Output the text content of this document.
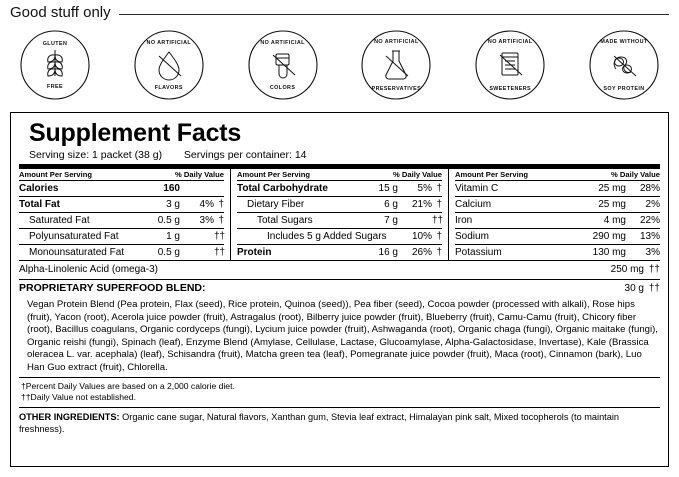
Good stuff only
GLUTEN
FREE
NO ARTIFICIAL
FLAVORS
NO ARTIFICIAL
COLORS
NO ARTIFICIAL
PRESERVATIVES
NO ARTIFICIAL
SWEETENERS
MADE WITHOUT
SOY PROTEIN
Supplement Facts
Serving size: 1 packet (38 g) Servings per container: 14
Amount Per Serving	% Daily Value
Calories	160
Total Fat	3 g	4% †
Saturated Fat	0.5 g	3% †
Polyunsaturated Fat	1 g	††
Monounsaturated Fat	0.5 g	††
Amount Per Serving	% Daily Value
Total Carbohydrate	15 g	5% †
Dietary Fiber	6 g	21% †
Total Sugars	7 g	††
Includes 5 g Added Sugars	10% †
Protein	16 g	26% †
Amount Per Serving	% Daily Value
Vitamin C	25 mg	28%
Calcium	25 mg	2%
Iron	4 mg	22%
Sodium	290 mg	13%
Potassium	130 mg	3%
Alpha-Linolenic Acid (omega-3)	250 mg ††
PROPRIETARY SUPERFOOD BLEND:	30 g ††
Vegan Protein Blend (Pea protein, Flax (seed), Rice protein, Quinoa (seed)), Pea fiber (seed), Cocoa powder (processed with alkali), Rose hips (fruit), Yacon (root), Acerola juice powder (fruit), Astragalus (root), Bilberry juice powder (fruit), Blueberry (fruit), Camu-Camu (fruit), Chicory fiber (root), Bacillus coagulans, Organic cordyceps (fungi), Lycium juice powder (fruit), Ashwaganda (root), Organic chaga (fungi), Organic maitake (fungi), Organic reishi (fungi), Spinach (leaf), Enzyme Blend (Amylase, Cellulase, Lactase, Glucoamylase, Alpha-Galactosidase, Invertase), Kale (Brassica oleracea L. var. acephala) (leaf), Schisandra (fruit), Matcha green tea (leaf), Pomegranate juice powder (fruit), Maca (root), Cinnamon (bark), Luo Han Guo extract (fruit), Chlorella.
†Percent Daily Values are based on a 2,000 calorie diet.
††Daily Value not established.
OTHER INGREDIENTS: Organic cane sugar, Natural flavors, Xanthan gum, Stevia leaf extract, Himalayan pink salt, Mixed tocopherols (to maintain freshness).
